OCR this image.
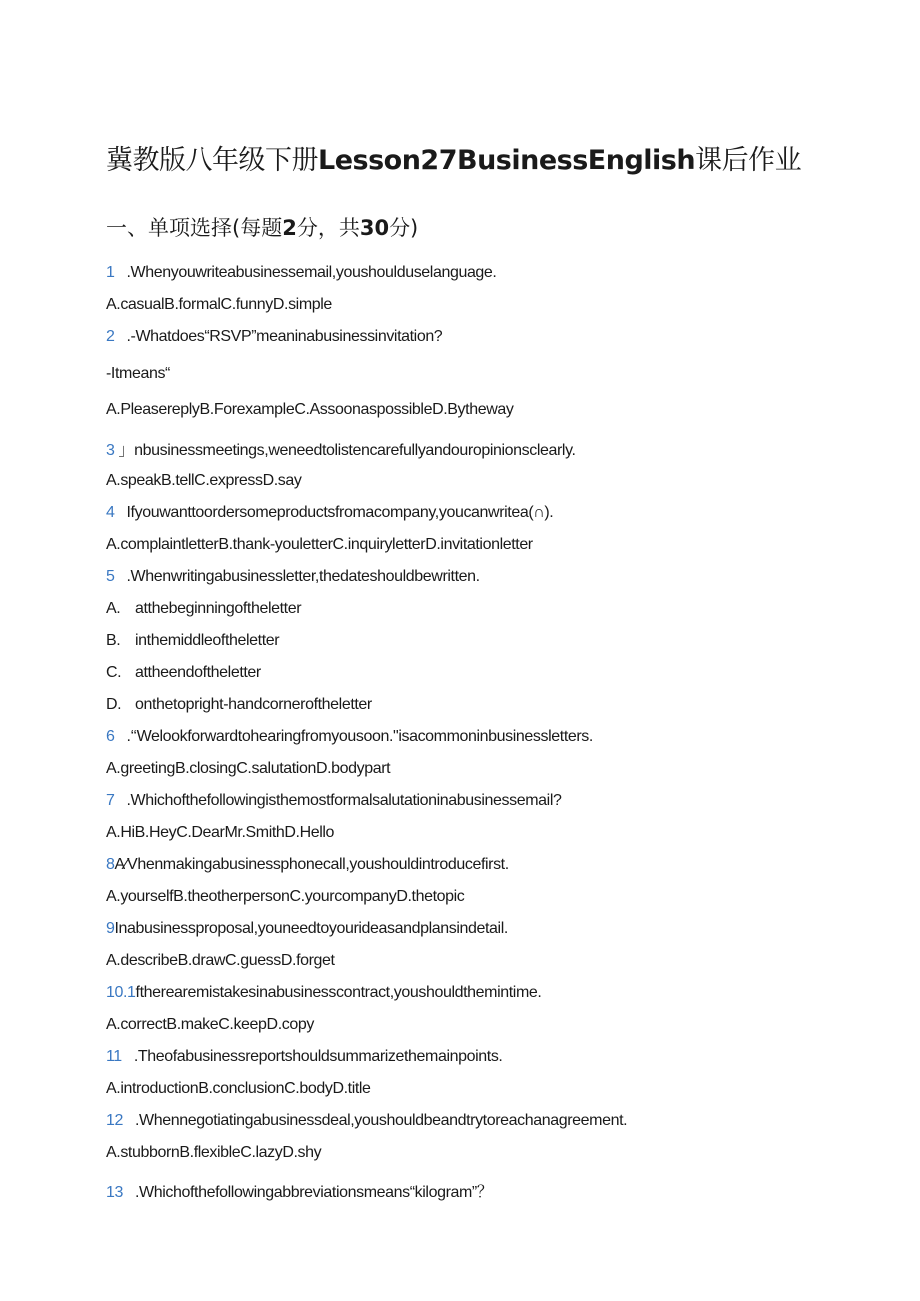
冀教版八年级下册Lesson27BusinessEnglish课后作业
一、单项选择(每题2分，共30分)
1 .Whenyouwriteabusinessemail,youshoulduselanguage.
A.casualB.formalC.funnyD.simple
2 .-Whatdoes“RSVP”meaninabusinessinvitation?
-Itmeans“
A.PleasereplyB.ForexampleC.AssoonaspossibleD.Bytheway
3 」nbusinessmeetings,weneedtolistencarefullyandouropinionsclearly.
A.speakB.tellC.expressD.say
4 Ifyouwanttoordersomeproductsfromacompany,youcanwritea(∩).
A.complaintletterB.thank-youletterC.inquiryletterD.invitationletter
5 .Whenwritingabusinessletter,thedateshouldbewritten.
A. atthebeginningoftheletter
B. inthemiddleoftheletter
C. attheendoftheletter
D. onthetopright-handcorneroftheletter
6 .‘‘Welookforwardtohearingfromyousoon."isacommoninbusinessletters.
A.greetingB.closingC.salutationD.bodypart
7 .Whichofthefollowingisthemostformalsalutationinabusinessemail?
A.HiB.HeyC.DearMr.SmithD.Hello
8A⁄Vhenmakingabusinessphonecall,youshouldintroducefirst.
A.yourselfB.theotherpersonC.yourcompanyD.thetopic
9Inabusinessproposal,youneedtoyourideasandplansindetail.
A.describeB.drawC.guessD.forget
10.1ftherearemistakesinabusinesscontract,youshouldthemintime.
A.correctB.makeC.keepD.copy
11 .Theofabusinessreportshouldsummarizethemainpoints.
A.introductionB.conclusionC.bodyD.title
12 .Whennegotiatingabusinessdeal,youshouldbeandtrytoreachanagreement.
A.stubbornB.flexibleC.lazyD.shy
13 .Whichofthefollowingabbreviationsmeans“kilogram”？
